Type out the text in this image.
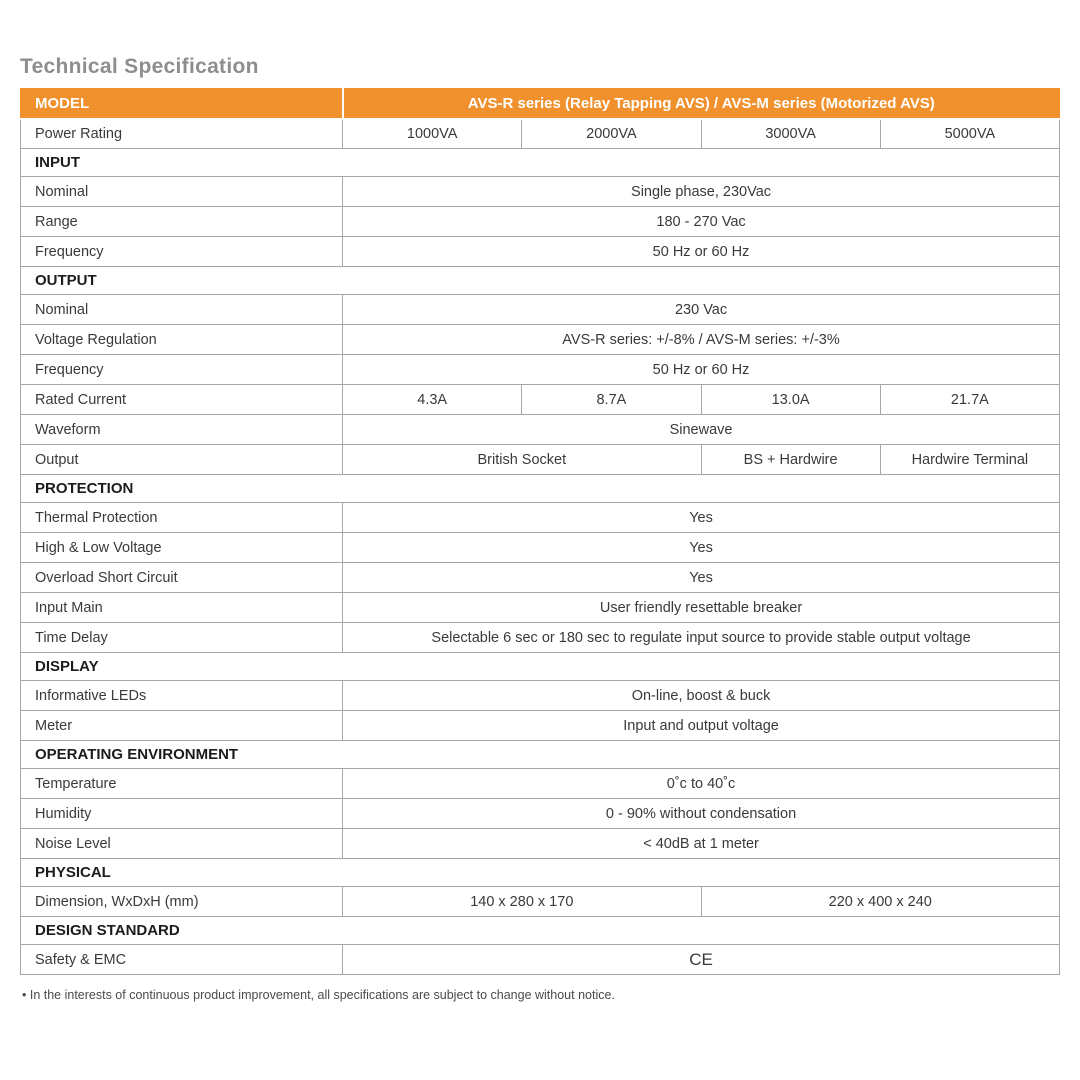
Technical Specification
MODEL	AVS-R series (Relay Tapping AVS) / AVS-M series (Motorized AVS)			
Power Rating	1000VA	2000VA	3000VA	5000VA
INPUT				
Nominal	Single phase, 230Vac			
Range	180 - 270 Vac			
Frequency	50 Hz or 60 Hz			
OUTPUT				
Nominal	230 Vac			
Voltage Regulation	AVS-R series: +/-8% / AVS-M series: +/-3%			
Frequency	50 Hz or 60 Hz			
Rated Current	4.3A	8.7A	13.0A	21.7A
Waveform	Sinewave			
Output	British Socket		BS + Hardwire	Hardwire Terminal
PROTECTION				
Thermal Protection	Yes			
High & Low Voltage	Yes			
Overload Short Circuit	Yes			
Input Main	User friendly resettable breaker			
Time Delay	Selectable 6 sec or 180 sec to regulate input source to provide stable output voltage			
DISPLAY				
Informative LEDs	On-line, boost & buck			
Meter	Input and output voltage			
OPERATING ENVIRONMENT				
Temperature	0˚c to 40˚c			
Humidity	0 - 90% without condensation			
Noise Level	< 40dB at 1 meter			
PHYSICAL				
Dimension, WxDxH (mm)	140 x 280 x 170		220 x 400 x 240	
DESIGN STANDARD				
Safety & EMC	CE			

• In the interests of continuous product improvement, all specifications are subject to change without notice.
